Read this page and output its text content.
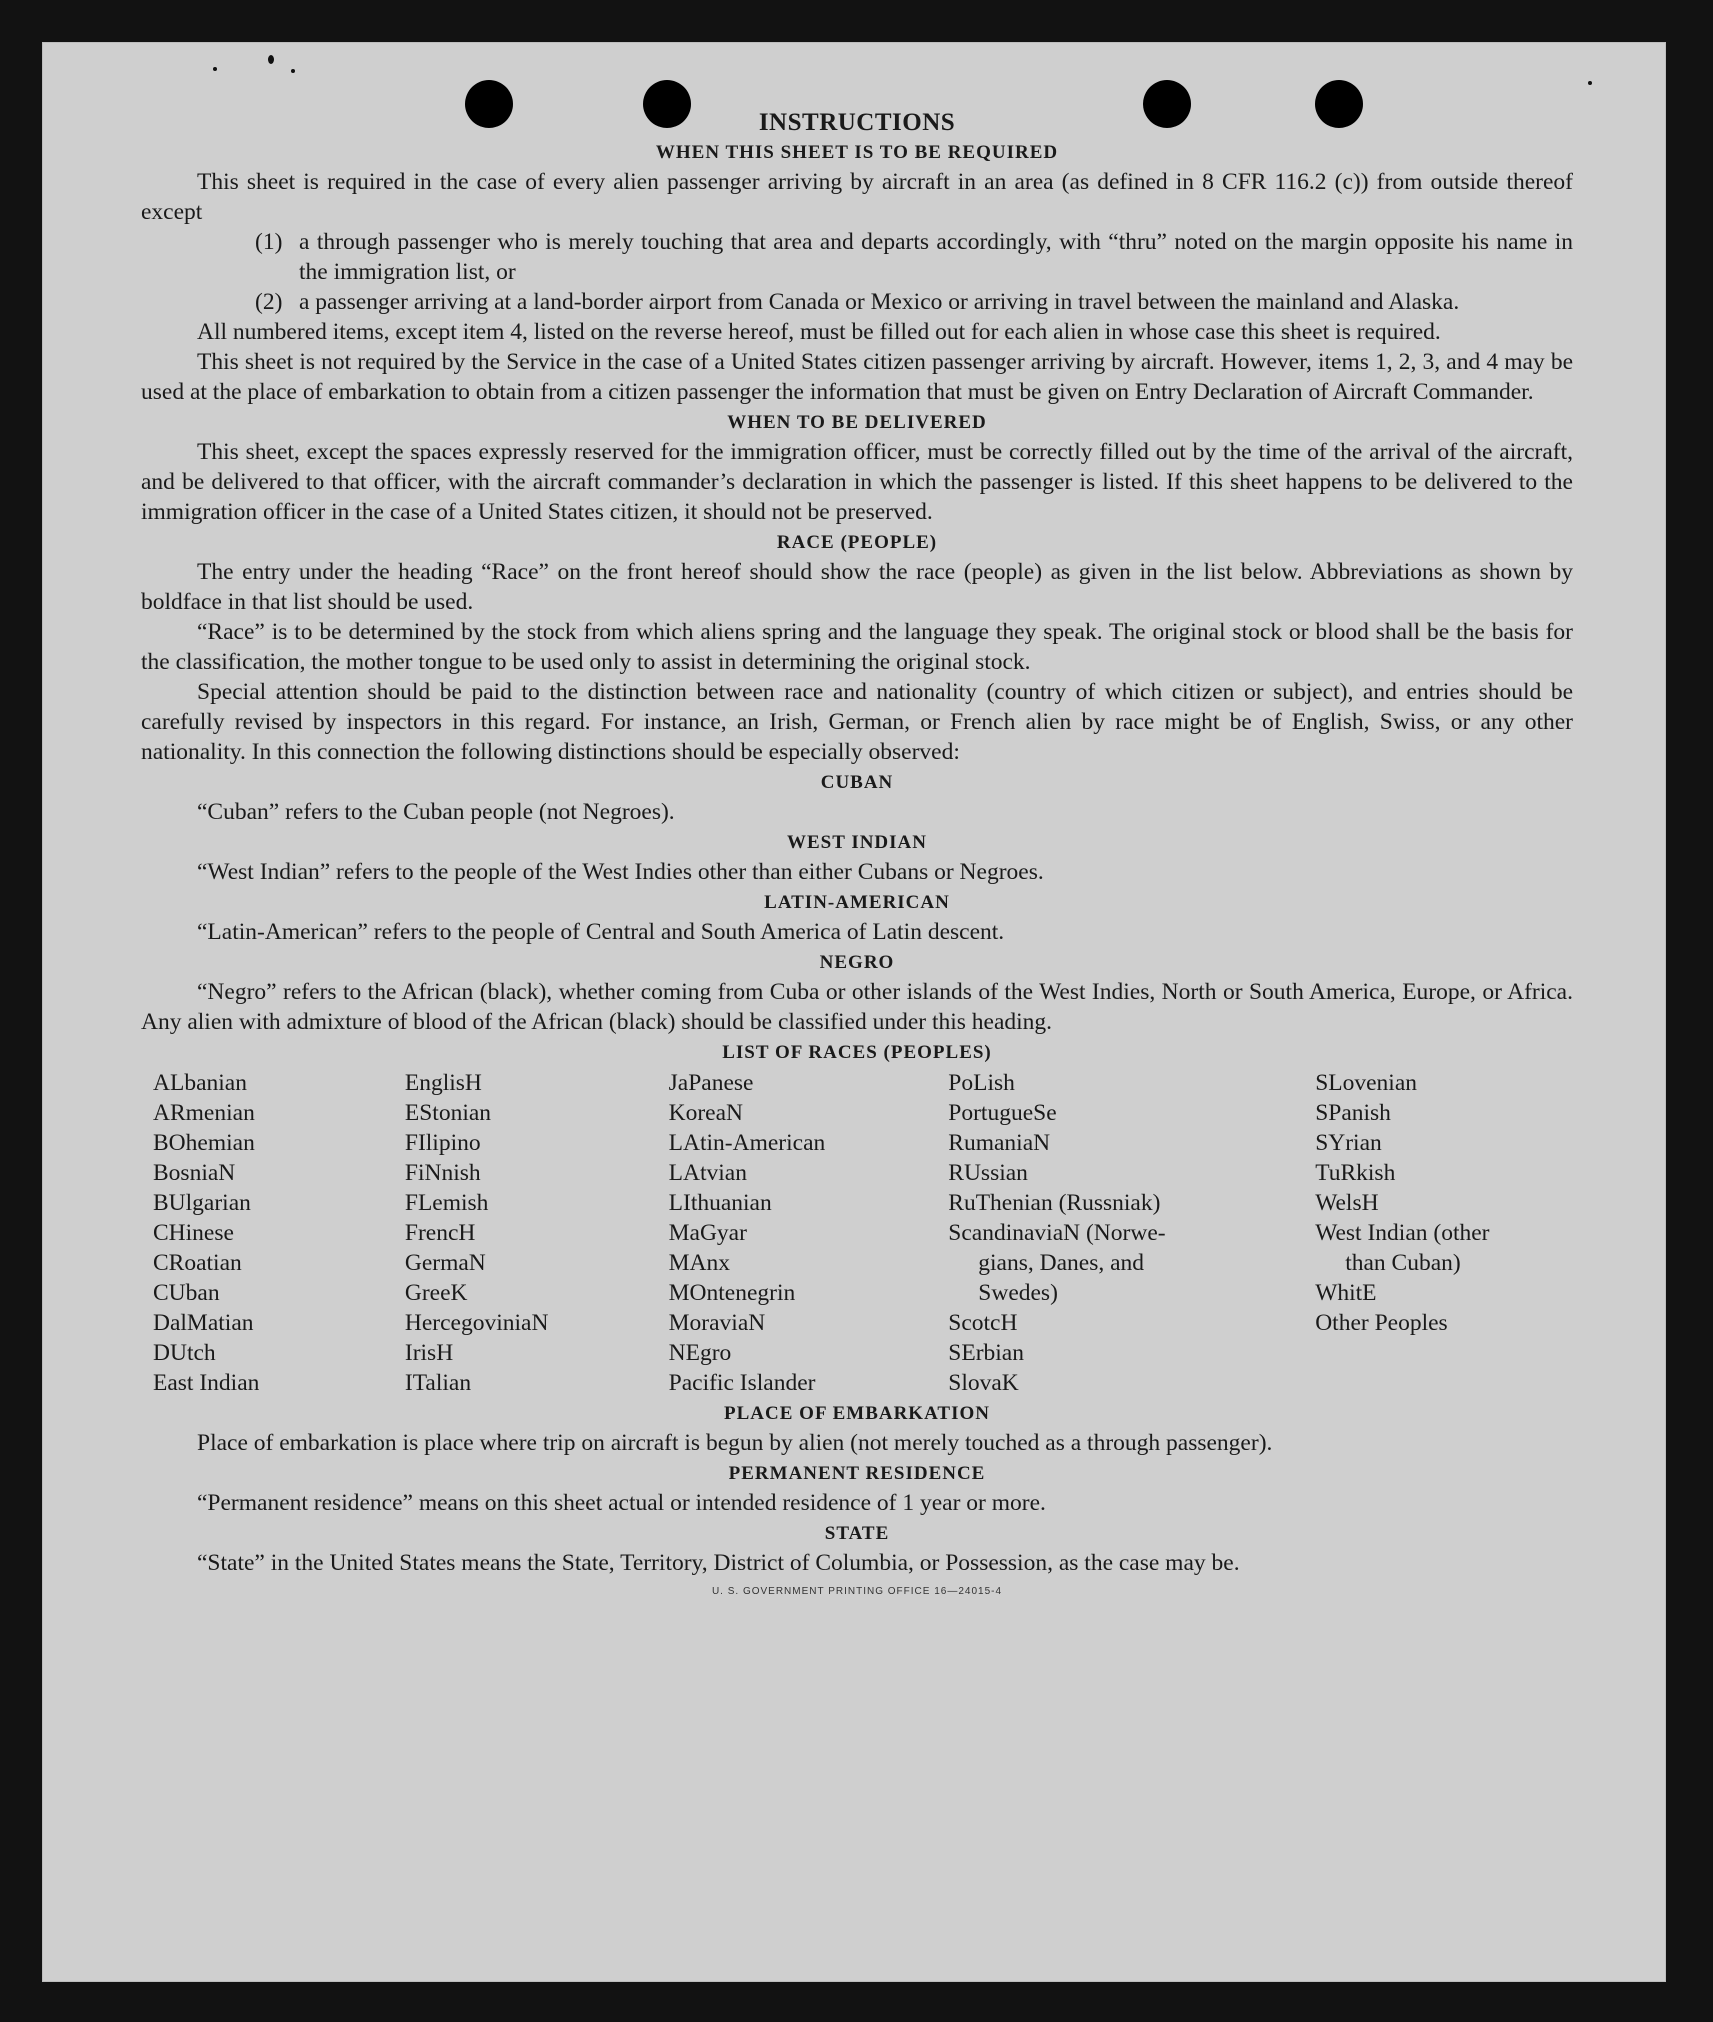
INSTRUCTIONS
WHEN THIS SHEET IS TO BE REQUIRED

This sheet is required in the case of every alien passenger arriving by aircraft in an area (as defined in 8 CFR 116.2 (c)) from outside thereof except

(1) a through passenger who is merely touching that area and departs accordingly, with “thru” noted on the margin opposite his name in the immigration list, or
(2) a passenger arriving at a land-border airport from Canada or Mexico or arriving in travel between the mainland and Alaska.

All numbered items, except item 4, listed on the reverse hereof, must be filled out for each alien in whose case this sheet is required.

This sheet is not required by the Service in the case of a United States citizen passenger arriving by aircraft. However, items 1, 2, 3, and 4 may be used at the place of embarkation to obtain from a citizen passenger the information that must be given on Entry Declaration of Aircraft Commander.

WHEN TO BE DELIVERED

This sheet, except the spaces expressly reserved for the immigration officer, must be correctly filled out by the time of the arrival of the aircraft, and be delivered to that officer, with the aircraft commander’s declaration in which the passenger is listed. If this sheet happens to be delivered to the immigration officer in the case of a United States citizen, it should not be preserved.

RACE (PEOPLE)

The entry under the heading “Race” on the front hereof should show the race (people) as given in the list below. Abbreviations as shown by boldface in that list should be used.

“Race” is to be determined by the stock from which aliens spring and the language they speak. The original stock or blood shall be the basis for the classification, the mother tongue to be used only to assist in determining the original stock.

Special attention should be paid to the distinction between race and nationality (country of which citizen or subject), and entries should be carefully revised by inspectors in this regard. For instance, an Irish, German, or French alien by race might be of English, Swiss, or any other nationality. In this connection the following distinctions should be especially observed:

CUBAN

“Cuban” refers to the Cuban people (not Negroes).

WEST INDIAN

“West Indian” refers to the people of the West Indies other than either Cubans or Negroes.

LATIN-AMERICAN

“Latin-American” refers to the people of Central and South America of Latin descent.

NEGRO

“Negro” refers to the African (black), whether coming from Cuba or other islands of the West Indies, North or South America, Europe, or Africa. Any alien with admixture of blood of the African (black) should be classified under this heading.

LIST OF RACES (PEOPLES)
ALbanian
ARmenian
BOhemian
BosniaN
BUlgarian
CHinese
CRoatian
CUban
DalMatian
DUtch
East Indian
EnglisH
EStonian
FIlipino
FiNnish
FLemish
FrencH
GermaN
GreeK
HercegoviniaN
IrisH
ITalian
JaPanese
KoreaN
LAtin-American
LAtvian
LIthuanian
MaGyar
MAnx
MOntenegrin
MoraviaN
NEgro
Pacific Islander
PoLish
PortugueSe
RumaniaN
RUssian
RuThenian (Russniak)
ScandinaviaN (Norwe-
gians, Danes, and
Swedes)
ScotcH
SErbian
SlovaK
SLovenian
SPanish
SYrian
TuRkish
WelsH
West Indian (other
than Cuban)
WhitE
Other Peoples
PLACE OF EMBARKATION

Place of embarkation is place where trip on aircraft is begun by alien (not merely touched as a through passenger).

PERMANENT RESIDENCE

“Permanent residence” means on this sheet actual or intended residence of 1 year or more.

STATE

“State” in the United States means the State, Territory, District of Columbia, or Possession, as the case may be.

U. S. GOVERNMENT PRINTING OFFICE 16—24015-4
